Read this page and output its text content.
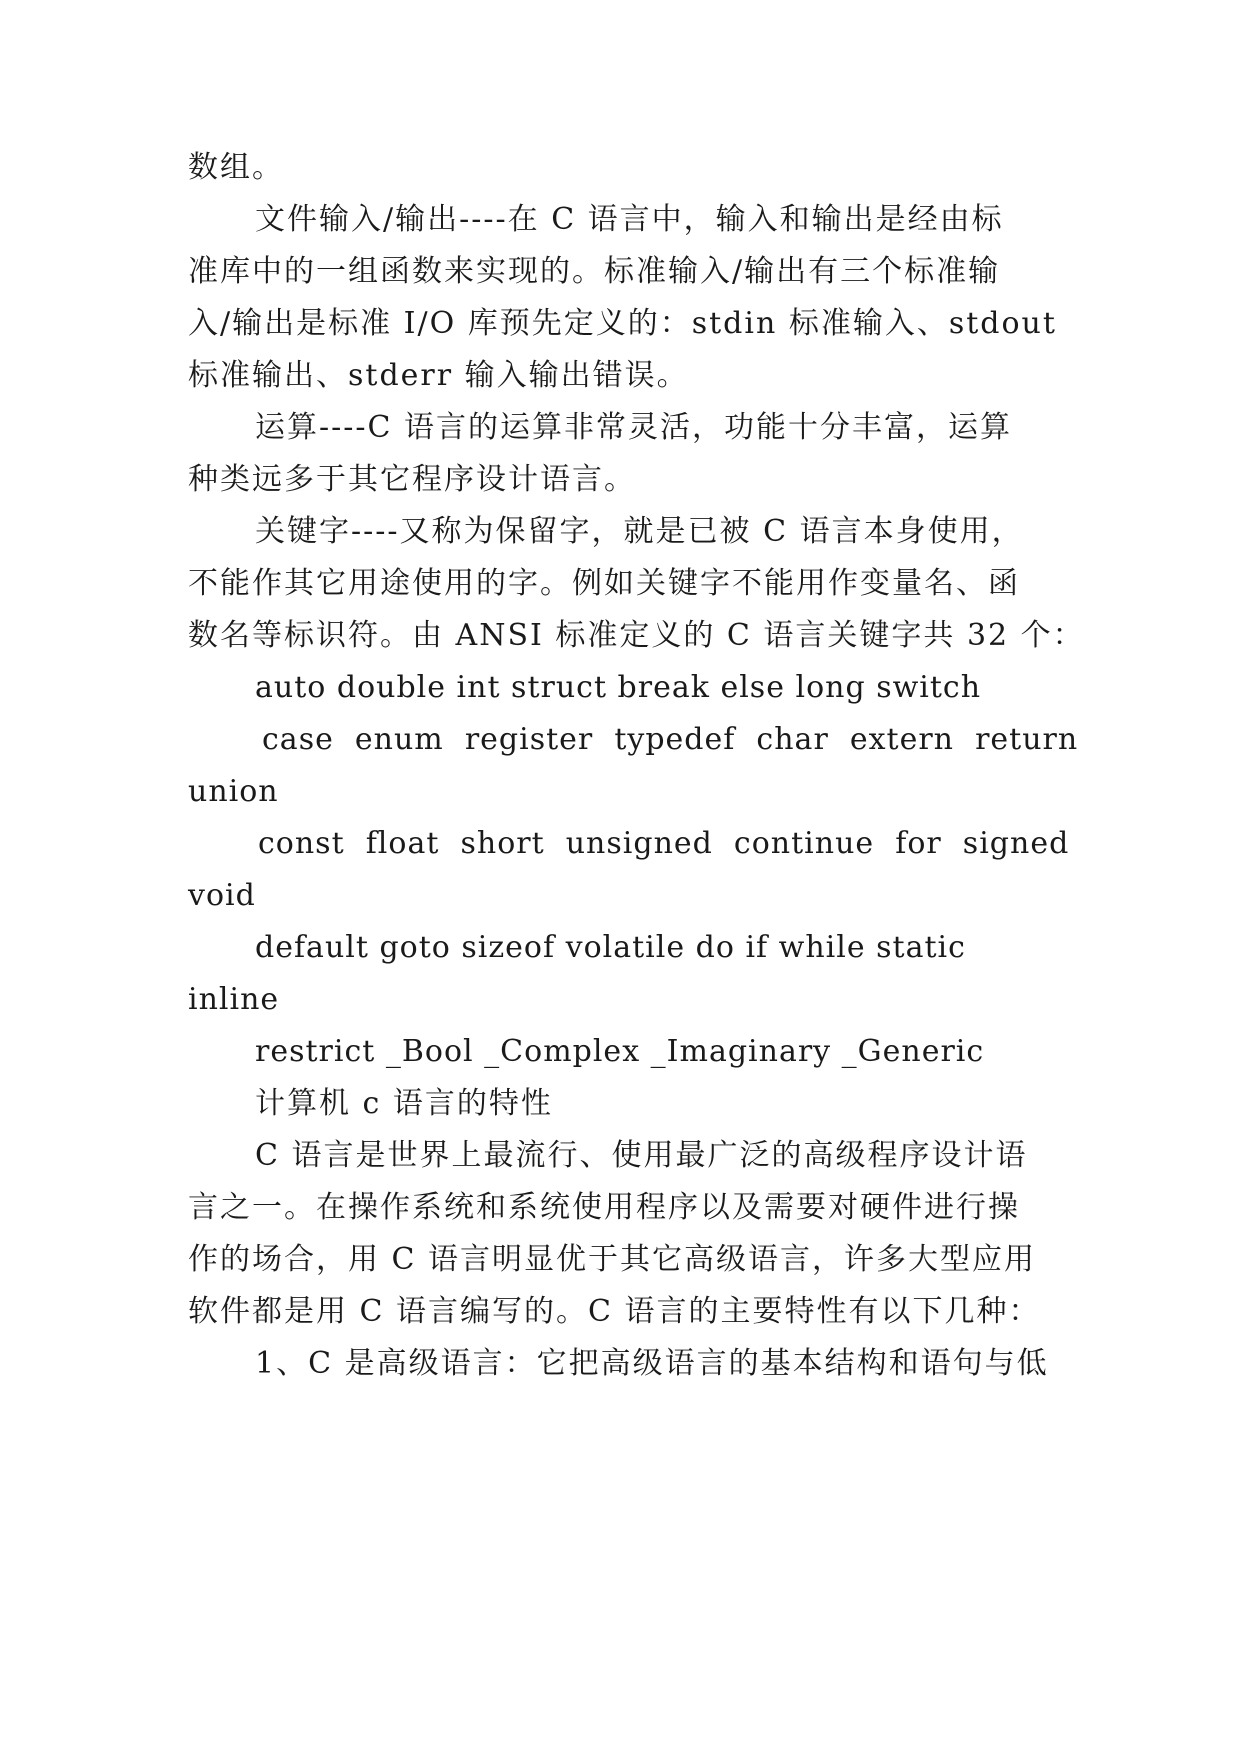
数组。
文件输入/输出----在 C 语言中，输入和输出是经由标
准库中的一组函数来实现的。标准输入/输出有三个标准输
入/输出是标准 I/O 库预先定义的：stdin 标准输入、stdout
标准输出、stderr 输入输出错误。
运算----C 语言的运算非常灵活，功能十分丰富，运算
种类远多于其它程序设计语言。
关键字----又称为保留字，就是已被 C 语言本身使用，
不能作其它用途使用的字。例如关键字不能用作变量名、函
数名等标识符。由 ANSI 标准定义的 C 语言关键字共 32 个：
auto double int struct break else long switch
case  enum  register  typedef  char  extern  return
union
const  float  short  unsigned  continue  for  signed
void
default goto sizeof volatile do if while static
inline
restrict _Bool _Complex _Imaginary _Generic
计算机 c 语言的特性
C 语言是世界上最流行、使用最广泛的高级程序设计语
言之一。在操作系统和系统使用程序以及需要对硬件进行操
作的场合，用 C 语言明显优于其它高级语言，许多大型应用
软件都是用 C 语言编写的。C 语言的主要特性有以下几种：
1、C 是高级语言：它把高级语言的基本结构和语句与低
